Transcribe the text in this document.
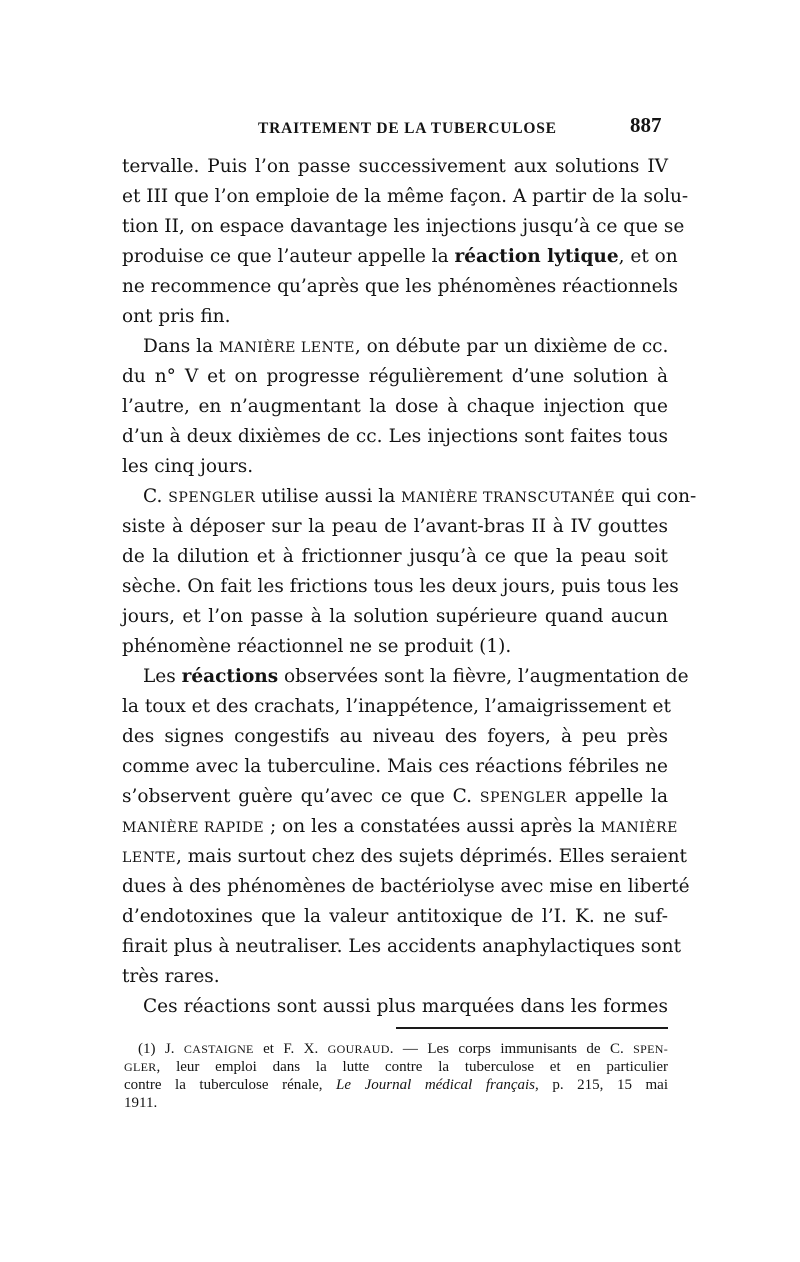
TRAITEMENT DE LA TUBERCULOSE	887
tervalle. Puis l’on passe successivement aux solutions IV
et III que l’on emploie de la même façon. A partir de la solu-
tion II, on espace davantage les injections jusqu’à ce que se
produise ce que l’auteur appelle la réaction lytique, et on
ne recommence qu’après que les phénomènes réactionnels
ont pris fin.
Dans la MANIÈRE LENTE, on débute par un dixième de cc.
du n° V et on progresse régulièrement d’une solution à
l’autre, en n’augmentant la dose à chaque injection que
d’un à deux dixièmes de cc. Les injections sont faites tous
les cinq jours.
C. SPENGLER utilise aussi la MANIÈRE TRANSCUTANÉE qui con-
siste à déposer sur la peau de l’avant-bras II à IV gouttes
de la dilution et à frictionner jusqu’à ce que la peau soit
sèche. On fait les frictions tous les deux jours, puis tous les
jours, et l’on passe à la solution supérieure quand aucun
phénomène réactionnel ne se produit (1).
Les réactions observées sont la fièvre, l’augmentation de
la toux et des crachats, l’inappétence, l’amaigrissement et
des signes congestifs au niveau des foyers, à peu près
comme avec la tuberculine. Mais ces réactions fébriles ne
s’observent guère qu’avec ce que C. SPENGLER appelle la
MANIÈRE RAPIDE ; on les a constatées aussi après la MANIÈRE
LENTE, mais surtout chez des sujets déprimés. Elles seraient
dues à des phénomènes de bactériolyse avec mise en liberté
d’endotoxines que la valeur antitoxique de l’I. K. ne suf-
firait plus à neutraliser. Les accidents anaphylactiques sont
très rares.
Ces réactions sont aussi plus marquées dans les formes
(1) J. CASTAIGNE et F. X. GOURAUD. — Les corps immunisants de C. SPEN-
GLER, leur emploi dans la lutte contre la tuberculose et en particulier
contre la tuberculose rénale, Le Journal médical français, p. 215, 15 mai
1911.
